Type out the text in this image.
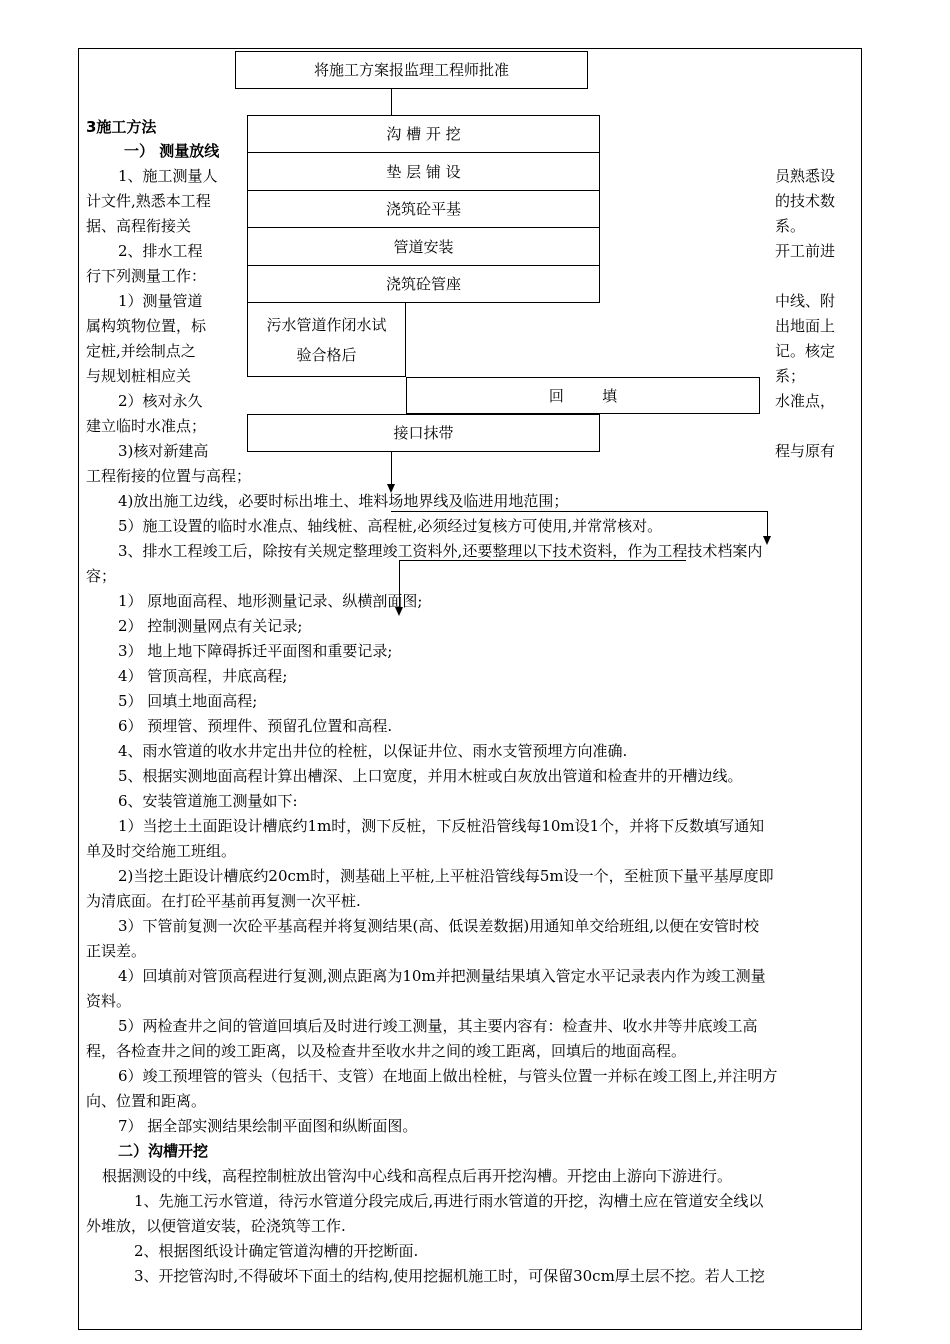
3施工方法
一） 测量放线
1、施工测量人
计文件,熟悉本工程
据、高程衔接关
2、排水工程
行下列测量工作：
1）测量管道
属构筑物位置，标
定桩,并绘制点之
与规划桩相应关
2）核对永久
建立临时水准点；
3)核对新建高
员熟悉设
的技术数
系。
开工前进
中线、附
出地面上
记。核定
系；
水准点，
程与原有
将施工方案报监理工程师批准
沟 槽 开 挖
垫 层 铺 设
浇筑砼平基
管道安装
浇筑砼管座
污水管道作闭水试
验合格后
回        填
接口抹带
工程衔接的位置与高程；
4)放出施工边线，必要时标出堆土、堆料场地界线及临进用地范围；
5）施工设置的临时水准点、轴线桩、高程桩,必须经过复核方可使用,并常常核对。
3、排水工程竣工后，除按有关规定整理竣工资料外,还要整理以下技术资料，作为工程技术档案内
容；
1） 原地面高程、地形测量记录、纵横剖面图;
2） 控制测量网点有关记录;
3） 地上地下障碍拆迁平面图和重要记录;
4） 管顶高程，井底高程;
5） 回填土地面高程;
6） 预埋管、预埋件、预留孔位置和高程.
4、雨水管道的收水井定出井位的栓桩，以保证井位、雨水支管预埋方向准确.
5、根据实测地面高程计算出槽深、上口宽度，并用木桩或白灰放出管道和检查井的开槽边线。
6、安装管道施工测量如下:
1）当挖土土面距设计槽底约1m时，测下反桩，下反桩沿管线每10m设1个，并将下反数填写通知
单及时交给施工班组。
2)当挖土距设计槽底约20cm时，测基础上平桩,上平桩沿管线每5m设一个，至桩顶下量平基厚度即
为清底面。在打砼平基前再复测一次平桩.
3）下管前复测一次砼平基高程并将复测结果(高、低误差数据)用通知单交给班组,以便在安管时校
正误差。
4）回填前对管顶高程进行复测,测点距离为10m并把测量结果填入管定水平记录表内作为竣工测量
资料。
5）两检查井之间的管道回填后及时进行竣工测量，其主要内容有：检查井、收水井等井底竣工高
程，各检查井之间的竣工距离，以及检查井至收水井之间的竣工距离，回填后的地面高程。
6）竣工预埋管的管头（包括干、支管）在地面上做出栓桩，与管头位置一并标在竣工图上,并注明方
向、位置和距离。
7） 据全部实测结果绘制平面图和纵断面图。
二）沟槽开挖
根据测设的中线，高程控制桩放出管沟中心线和高程点后再开挖沟槽。开挖由上游向下游进行。
1、先施工污水管道，待污水管道分段完成后,再进行雨水管道的开挖，沟槽土应在管道安全线以
外堆放，以便管道安装，砼浇筑等工作.
2、根据图纸设计确定管道沟槽的开挖断面.
3、开挖管沟时,不得破坏下面土的结构,使用挖掘机施工时，可保留30cm厚土层不挖。若人工挖
